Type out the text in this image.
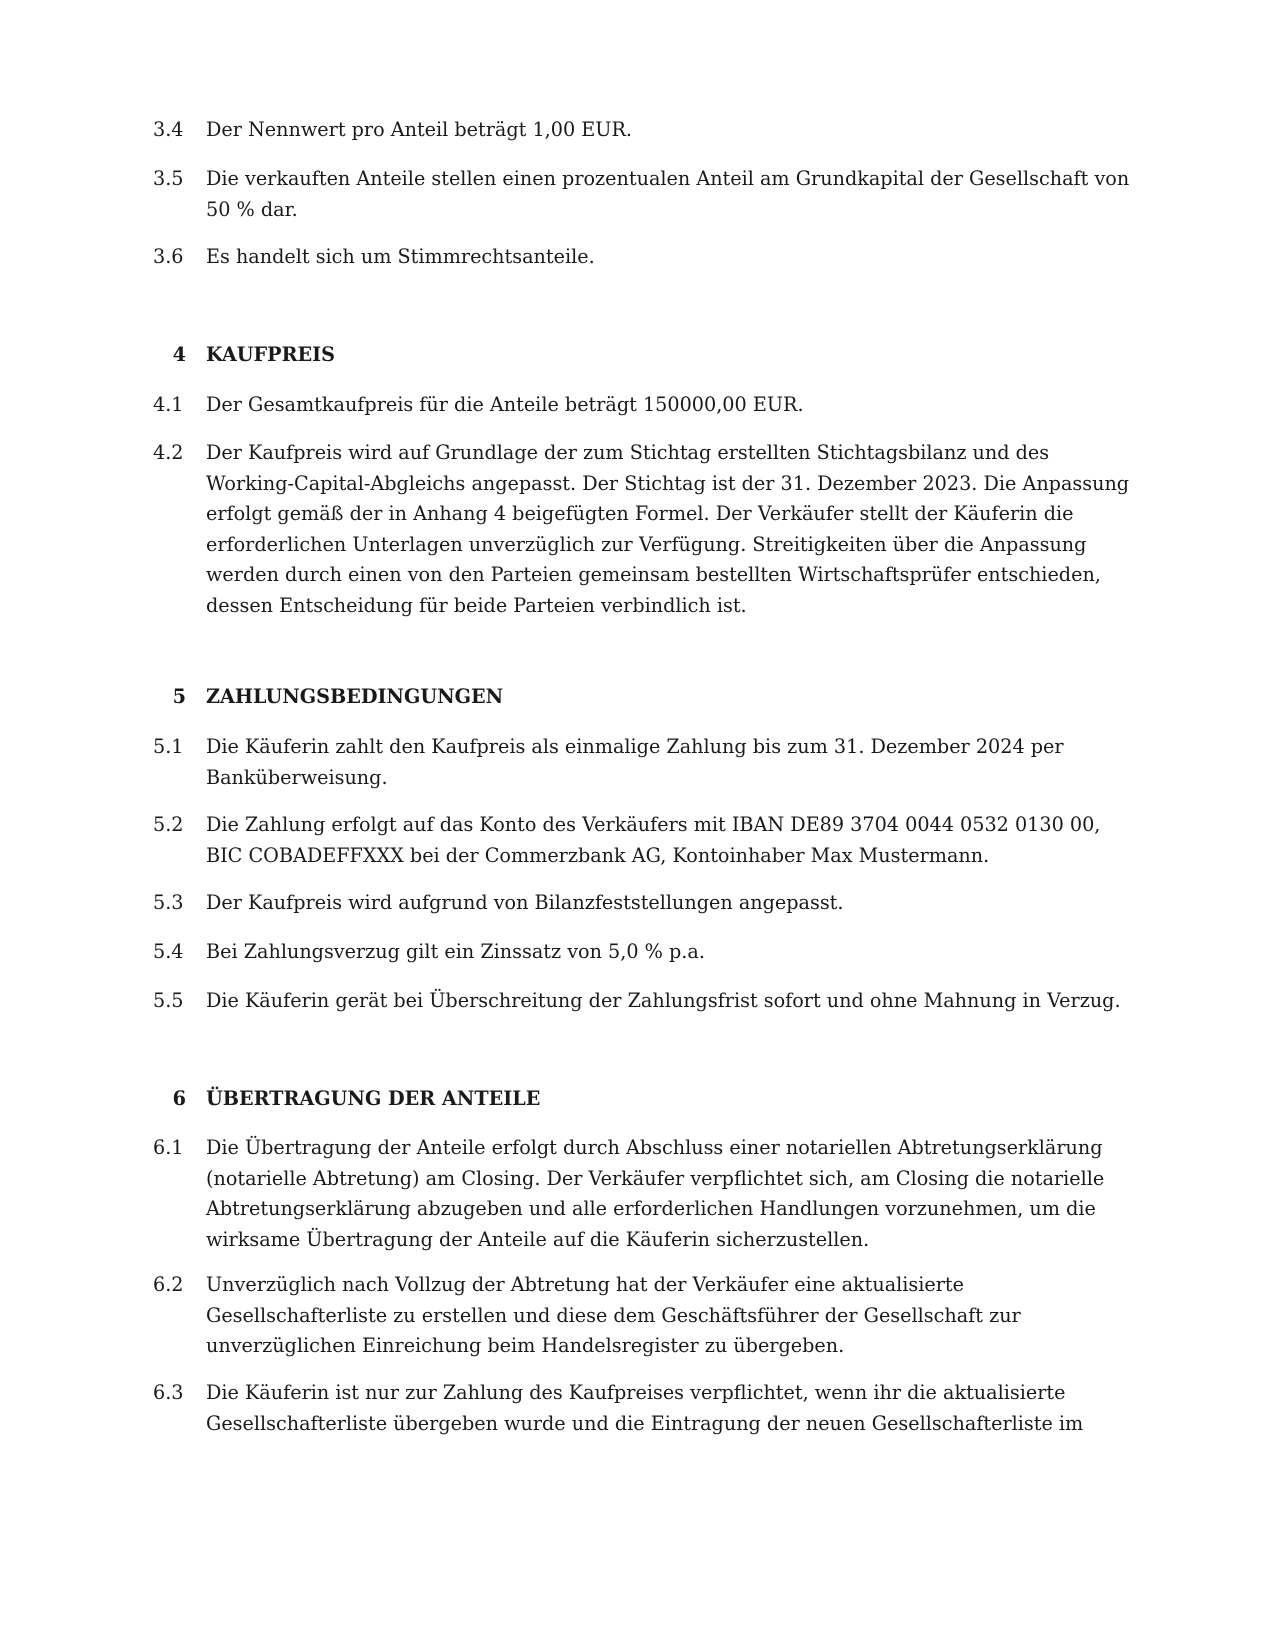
3.4	Der Nennwert pro Anteil beträgt 1,00 EUR.
3.5	Die verkauften Anteile stellen einen prozentualen Anteil am Grundkapital der Gesellschaft von
50 % dar.
3.6	Es handelt sich um Stimmrechtsanteile.
4 KAUFPREIS
4.1	Der Gesamtkaufpreis für die Anteile beträgt 150000,00 EUR.
4.2	Der Kaufpreis wird auf Grundlage der zum Stichtag erstellten Stichtagsbilanz und des
Working-Capital-Abgleichs angepasst. Der Stichtag ist der 31. Dezember 2023. Die Anpassung
erfolgt gemäß der in Anhang 4 beigefügten Formel. Der Verkäufer stellt der Käuferin die
erforderlichen Unterlagen unverzüglich zur Verfügung. Streitigkeiten über die Anpassung
werden durch einen von den Parteien gemeinsam bestellten Wirtschaftsprüfer entschieden,
dessen Entscheidung für beide Parteien verbindlich ist.
5 ZAHLUNGSBEDINGUNGEN
5.1	Die Käuferin zahlt den Kaufpreis als einmalige Zahlung bis zum 31. Dezember 2024 per
Banküberweisung.
5.2	Die Zahlung erfolgt auf das Konto des Verkäufers mit IBAN DE89 3704 0044 0532 0130 00,
BIC COBADEFFXXX bei der Commerzbank AG, Kontoinhaber Max Mustermann.
5.3	Der Kaufpreis wird aufgrund von Bilanzfeststellungen angepasst.
5.4	Bei Zahlungsverzug gilt ein Zinssatz von 5,0 % p.a.
5.5	Die Käuferin gerät bei Überschreitung der Zahlungsfrist sofort und ohne Mahnung in Verzug.
6 ÜBERTRAGUNG DER ANTEILE
6.1	Die Übertragung der Anteile erfolgt durch Abschluss einer notariellen Abtretungserklärung
(notarielle Abtretung) am Closing. Der Verkäufer verpflichtet sich, am Closing die notarielle
Abtretungserklärung abzugeben und alle erforderlichen Handlungen vorzunehmen, um die
wirksame Übertragung der Anteile auf die Käuferin sicherzustellen.
6.2	Unverzüglich nach Vollzug der Abtretung hat der Verkäufer eine aktualisierte
Gesellschafterliste zu erstellen und diese dem Geschäftsführer der Gesellschaft zur
unverzüglichen Einreichung beim Handelsregister zu übergeben.
6.3	Die Käuferin ist nur zur Zahlung des Kaufpreises verpflichtet, wenn ihr die aktualisierte
Gesellschafterliste übergeben wurde und die Eintragung der neuen Gesellschafterliste im
